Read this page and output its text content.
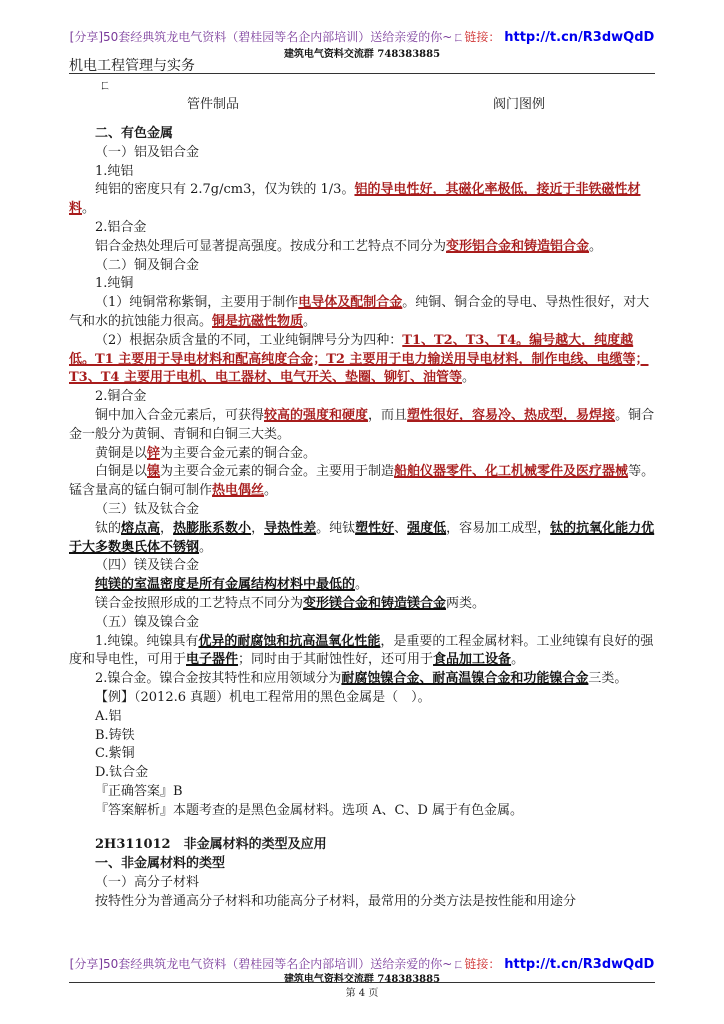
[分享]50套经典筑龙电气资料（碧桂园等名企内部培训）送给亲爱的你~ㄈ链接： http://t.cn/R3dwQdD
建筑电气资料交流群 748383885
机电工程管理与实务
ㄈ
管件制品	阀门图例

二、有色金属

（一）铝及铝合金

1.纯铝

纯铝的密度只有 2.7g/cm3，仅为铁的 1/3。铝的导电性好，其磁化率极低，接近于非铁磁性材料。

2.铝合金

铝合金热处理后可显著提高强度。按成分和工艺特点不同分为变形铝合金和铸造铝合金。

（二）铜及铜合金

1.纯铜

（1）纯铜常称紫铜，主要用于制作电导体及配制合金。纯铜、铜合金的导电、导热性很好，对大气和水的抗蚀能力很高。铜是抗磁性物质。

（2）根据杂质含量的不同，工业纯铜牌号分为四种：T1、T2、T3、T4。编号越大，纯度越低。T1 主要用于导电材料和配高纯度合金；T2 主要用于电力输送用导电材料，制作电线、电缆等；T3、T4 主要用于电机、电工器材、电气开关、垫圈、铆钉、油管等。

2.铜合金

铜中加入合金元素后，可获得较高的强度和硬度，而且塑性很好，容易冷、热成型，易焊接。铜合金一般分为黄铜、青铜和白铜三大类。

黄铜是以锌为主要合金元素的铜合金。

白铜是以镍为主要合金元素的铜合金。主要用于制造船舶仪器零件、化工机械零件及医疗器械等。锰含量高的锰白铜可制作热电偶丝。

（三）钛及钛合金

钛的熔点高，热膨胀系数小，导热性差。纯钛塑性好、强度低，容易加工成型，钛的抗氧化能力优于大多数奥氏体不锈钢。

（四）镁及镁合金

纯镁的室温密度是所有金属结构材料中最低的。

镁合金按照形成的工艺特点不同分为变形镁合金和铸造镁合金两类。

（五）镍及镍合金

1.纯镍。纯镍具有优异的耐腐蚀和抗高温氧化性能，是重要的工程金属材料。工业纯镍有良好的强度和导电性，可用于电子器件；同时由于其耐蚀性好，还可用于食品加工设备。

2.镍合金。镍合金按其特性和应用领域分为耐腐蚀镍合金、耐高温镍合金和功能镍合金三类。

【例】（2012.6 真题）机电工程常用的黑色金属是（　）。

A.铝

B.铸铁

C.紫铜

D.钛合金

『正确答案』B

『答案解析』本题考查的是黑色金属材料。选项 A、C、D 属于有色金属。

2H311012　非金属材料的类型及应用

一、非金属材料的类型

（一）高分子材料

按特性分为普通高分子材料和功能高分子材料，最常用的分类方法是按性能和用途分

[分享]50套经典筑龙电气资料（碧桂园等名企内部培训）送给亲爱的你~ㄈ链接： http://t.cn/R3dwQdD
建筑电气资料交流群 748383885
第 4 页
